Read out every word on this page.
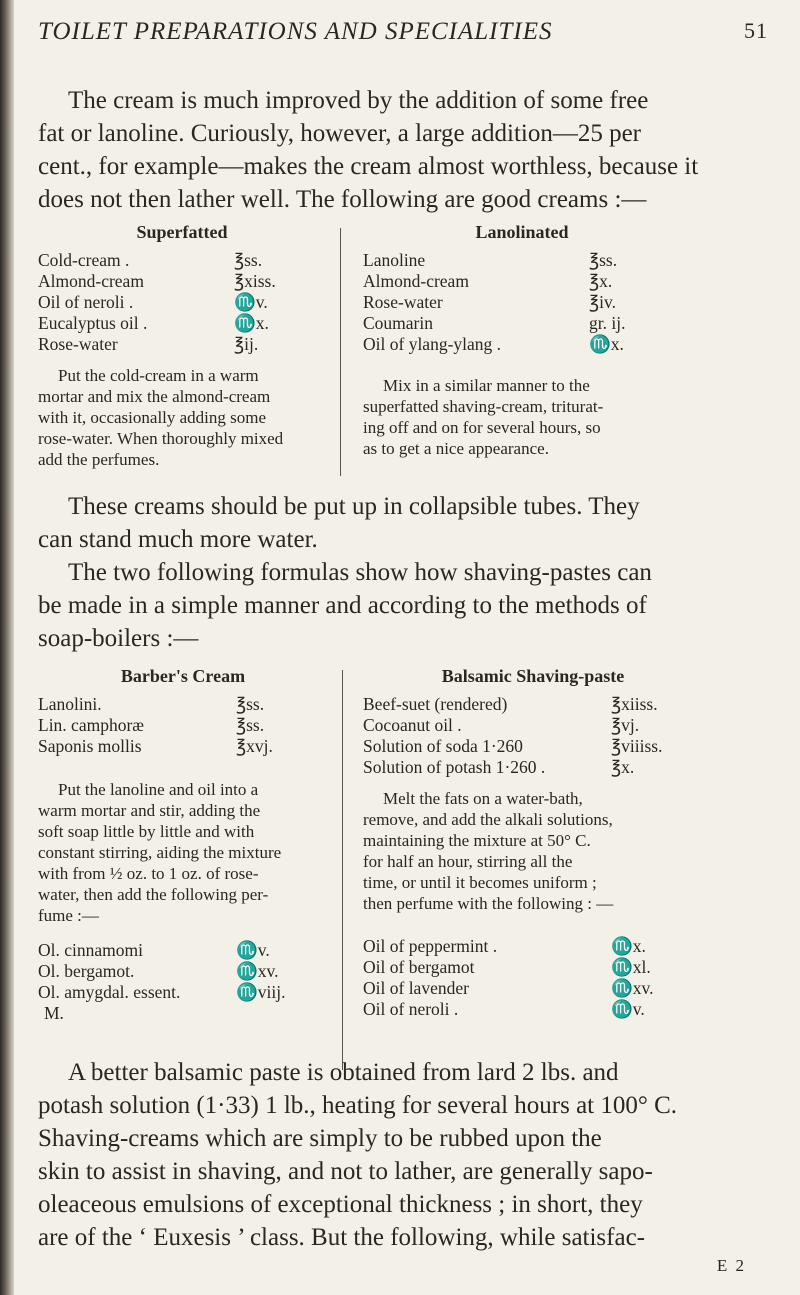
TOILET PREPARATIONS AND SPECIALITIES	51
The cream is much improved by the addition of some free
fat or lanoline. Curiously, however, a large addition—25 per
cent., for example—makes the cream almost worthless, because it
does not then lather well. The following are good creams :—
Superfatted
Cold-cream .	℥ss.
Almond-cream	℥xiss.
Oil of neroli .	♏v.
Eucalyptus oil .	♏x.
Rose-water	℥ij.
Put the cold-cream in a warm
mortar and mix the almond-cream
with it, occasionally adding some
rose-water. When thoroughly mixed
add the perfumes.
Lanolinated
Lanoline	℥ss.
Almond-cream	℥x.
Rose-water	℥iv.
Coumarin	gr. ij.
Oil of ylang-ylang .	♏x.
Mix in a similar manner to the
superfatted shaving-cream, triturat-
ing off and on for several hours, so
as to get a nice appearance.
These creams should be put up in collapsible tubes. They
can stand much more water.
The two following formulas show how shaving-pastes can
be made in a simple manner and according to the methods of
soap-boilers :—
Barber's Cream
Lanolini.	℥ss.
Lin. camphoræ	℥ss.
Saponis mollis	℥xvj.
Put the lanoline and oil into a
warm mortar and stir, adding the
soft soap little by little and with
constant stirring, aiding the mixture
with from ½ oz. to 1 oz. of rose-
water, then add the following per-
fume :—
Ol. cinnamomi	♏v.
Ol. bergamot.	♏xv.
Ol. amygdal. essent.	♏viij.
M.
Balsamic Shaving-paste
Beef-suet (rendered)	℥xiiss.
Cocoanut oil .	℥vj.
Solution of soda 1·260	℥viiiss.
Solution of potash 1·260 .	℥x.
Melt the fats on a water-bath,
remove, and add the alkali solutions,
maintaining the mixture at 50° C.
for half an hour, stirring all the
time, or until it becomes uniform ;
then perfume with the following : —
Oil of peppermint .	♏x.
Oil of bergamot	♏xl.
Oil of lavender	♏xv.
Oil of neroli .	♏v.
A better balsamic paste is obtained from lard 2 lbs. and
potash solution (1·33) 1 lb., heating for several hours at 100° C.
Shaving-creams which are simply to be rubbed upon the
skin to assist in shaving, and not to lather, are generally sapo-
oleaceous emulsions of exceptional thickness ; in short, they
are of the ‘ Euxesis ’ class. But the following, while satisfac-
E 2
